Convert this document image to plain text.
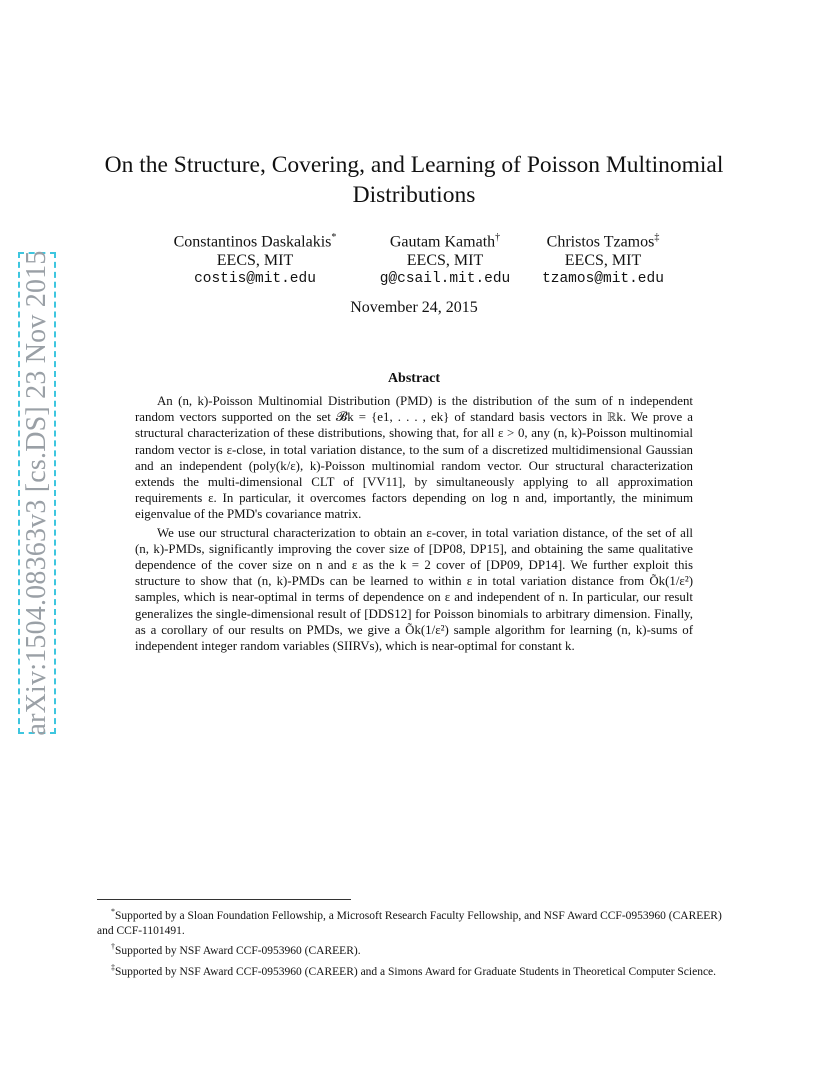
arXiv:1504.08363v3 [cs.DS] 23 Nov 2015
On the Structure, Covering, and Learning of Poisson Multinomial
Distributions
Constantinos Daskalakis*
EECS, MIT
costis@mit.edu
Gautam Kamath†
EECS, MIT
g@csail.mit.edu
Christos Tzamos‡
EECS, MIT
tzamos@mit.edu
November 24, 2015
Abstract

An (n, k)-Poisson Multinomial Distribution (PMD) is the distribution of the sum of n independent random vectors supported on the set 𝓑k = {e1, . . . , ek} of standard basis vectors in ℝk. We prove a structural characterization of these distributions, showing that, for all ε > 0, any (n, k)-Poisson multinomial random vector is ε-close, in total variation distance, to the sum of a discretized multidimensional Gaussian and an independent (poly(k/ε), k)-Poisson multinomial random vector. Our structural characterization extends the multi-dimensional CLT of [VV11], by simultaneously applying to all approximation requirements ε. In particular, it overcomes factors depending on log n and, importantly, the minimum eigenvalue of the PMD's covariance matrix.

We use our structural characterization to obtain an ε-cover, in total variation distance, of the set of all (n, k)-PMDs, significantly improving the cover size of [DP08, DP15], and obtaining the same qualitative dependence of the cover size on n and ε as the k = 2 cover of [DP09, DP14]. We further exploit this structure to show that (n, k)-PMDs can be learned to within ε in total variation distance from Õk(1/ε²) samples, which is near-optimal in terms of dependence on ε and independent of n. In particular, our result generalizes the single-dimensional result of [DDS12] for Poisson binomials to arbitrary dimension. Finally, as a corollary of our results on PMDs, we give a Õk(1/ε²) sample algorithm for learning (n, k)-sums of independent integer random variables (SIIRVs), which is near-optimal for constant k.

*Supported by a Sloan Foundation Fellowship, a Microsoft Research Faculty Fellowship, and NSF Award CCF-0953960 (CAREER) and CCF-1101491.

†Supported by NSF Award CCF-0953960 (CAREER).

‡Supported by NSF Award CCF-0953960 (CAREER) and a Simons Award for Graduate Students in Theoretical Computer Science.
